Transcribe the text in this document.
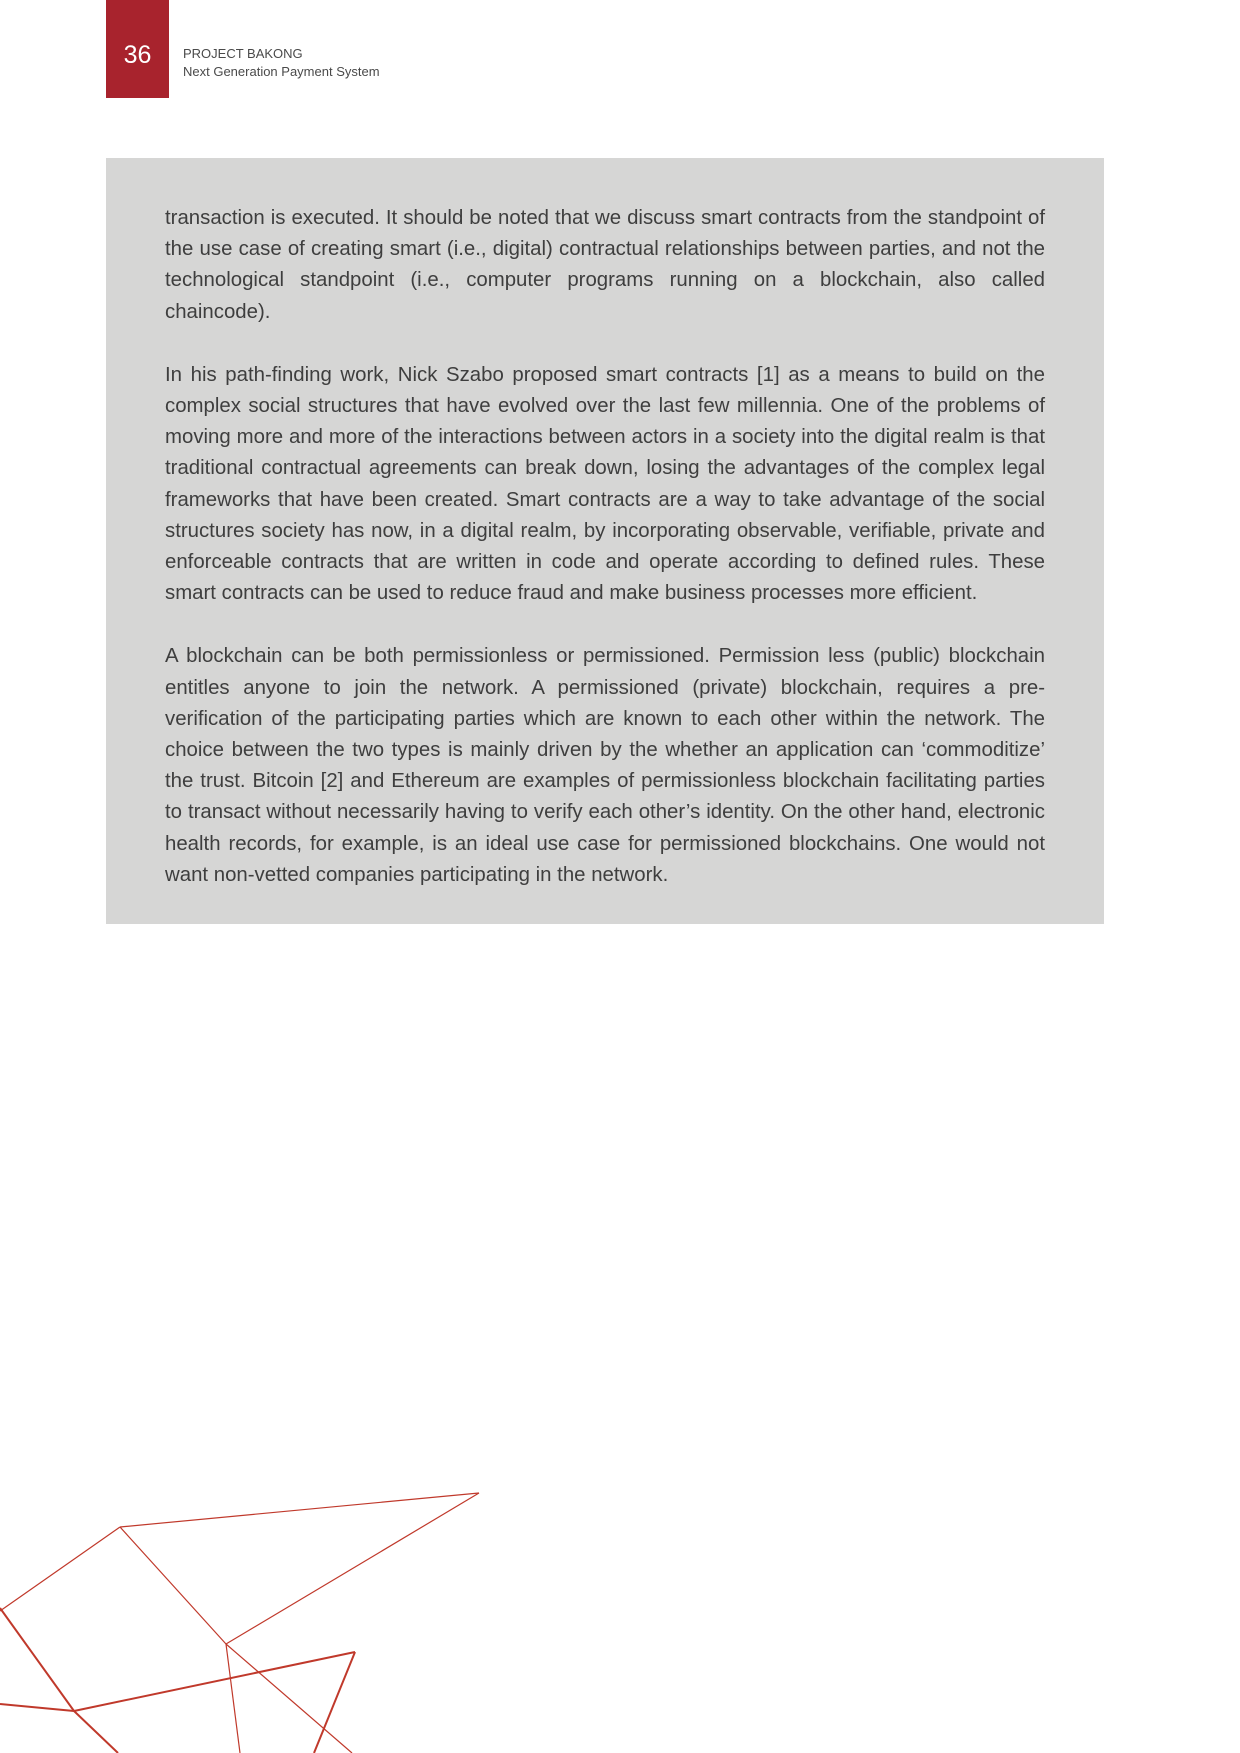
36	PROJECT BAKONG
Next Generation Payment System

transaction is executed. It should be noted that we discuss smart contracts from the standpoint of the use case of creating smart (i.e., digital) contractual relationships between parties, and not the technological standpoint (i.e., computer programs running on a blockchain, also called chaincode).

In his path-finding work, Nick Szabo proposed smart contracts [1] as a means to build on the complex social structures that have evolved over the last few millennia. One of the problems of moving more and more of the interactions between actors in a society into the digital realm is that traditional contractual agreements can break down, losing the advantages of the complex legal frameworks that have been created. Smart contracts are a way to take advantage of the social structures society has now, in a digital realm, by incorporating observable, verifiable, private and enforceable contracts that are written in code and operate according to defined rules. These smart contracts can be used to reduce fraud and make business processes more efficient.

A blockchain can be both permissionless or permissioned. Permission less (public) blockchain entitles anyone to join the network. A permissioned (private) blockchain, requires a pre-verification of the participating parties which are known to each other within the network. The choice between the two types is mainly driven by the whether an application can ‘commoditize’ the trust. Bitcoin [2] and Ethereum are examples of permissionless blockchain facilitating parties to transact without necessarily having to verify each other’s identity. On the other hand, electronic health records, for example, is an ideal use case for permissioned blockchains. One would not want non-vetted companies participating in the network.
